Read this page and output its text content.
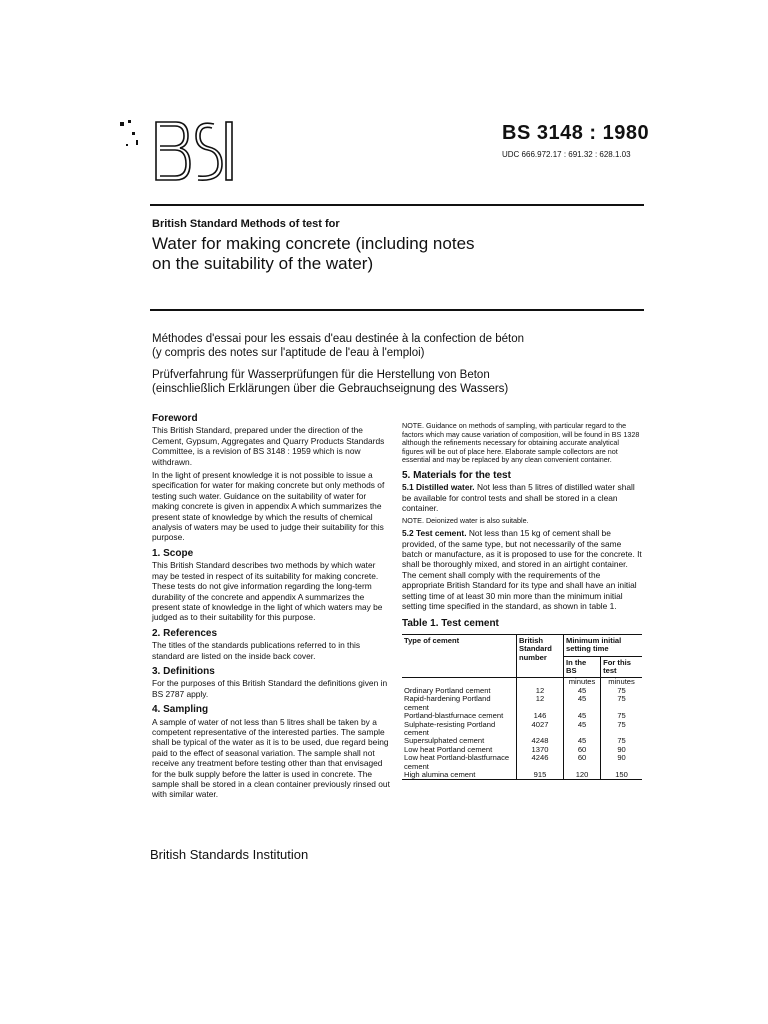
BSI
BS 3148 : 1980
UDC 666.972.17 : 691.32 : 628.1.03
British Standard Methods of test for
Water for making concrete (including notes on the suitability of the water)
Méthodes d'essai pour les essais d'eau destinée à la confection de béton
(y compris des notes sur l'aptitude de l'eau à l'emploi)
Prüfverfahrung für Wasserprüfungen für die Herstellung von Beton
(einschließlich Erklärungen über die Gebrauchseignung des Wassers)
Foreword

This British Standard, prepared under the direction of the Cement, Gypsum, Aggregates and Quarry Products Standards Committee, is a revision of BS 3148 : 1959 which is now withdrawn.

In the light of present knowledge it is not possible to issue a specification for water for making concrete but only methods of testing such water. Guidance on the suitability of water for making concrete is given in appendix A which summarizes the present state of knowledge by which the results of chemical analysis of waters may be used to judge their suitability for this purpose.

1. Scope

This British Standard describes two methods by which water may be tested in respect of its suitability for making concrete. These tests do not give information regarding the long-term durability of the concrete and appendix A summarizes the present state of knowledge in the light of which waters may be judged as to their suitability for this purpose.

2. References

The titles of the standards publications referred to in this standard are listed on the inside back cover.

3. Definitions

For the purposes of this British Standard the definitions given in BS 2787 apply.

4. Sampling

A sample of water of not less than 5 litres shall be taken by a competent representative of the interested parties. The sample shall be typical of the water as it is to be used, due regard being paid to the effect of seasonal variation. The sample shall not receive any treatment before testing other than that envisaged for the bulk supply before the latter is used in concrete. The sample shall be stored in a clean container previously rinsed out with similar water.

NOTE. Guidance on methods of sampling, with particular regard to the factors which may cause variation of composition, will be found in BS 1328 although the refinements necessary for obtaining accurate analytical figures will be out of place here. Elaborate sample collectors are not essential and may be replaced by any clean convenient container.

5. Materials for the test

5.1 Distilled water. Not less than 5 litres of distilled water shall be available for control tests and shall be stored in a clean container.

NOTE. Deionized water is also suitable.

5.2 Test cement. Not less than 15 kg of cement shall be provided, of the same type, but not necessarily of the same batch or manufacture, as it is proposed to use for the concrete. It shall be thoroughly mixed, and stored in an airtight container. The cement shall comply with the requirements of the appropriate British Standard for its type and shall have an initial setting time of at least 30 min more than the minimum initial setting time specified in the standard, as shown in table 1.

Table 1. Test cement
Type of cement	British Standard number	Minimum initial setting time	
		In the BS	For this test
		minutes	minutes
Ordinary Portland cement	12	45	75
Rapid-hardening Portland cement	12	45	75
Portland-blastfurnace cement	146	45	75
Sulphate-resisting Portland cement	4027	45	75
Supersulphated cement	4248	45	75
Low heat Portland cement	1370	60	90
Low heat Portland-blastfurnace cement	4246	60	90
High alumina cement	915	120	150
British Standards Institution
